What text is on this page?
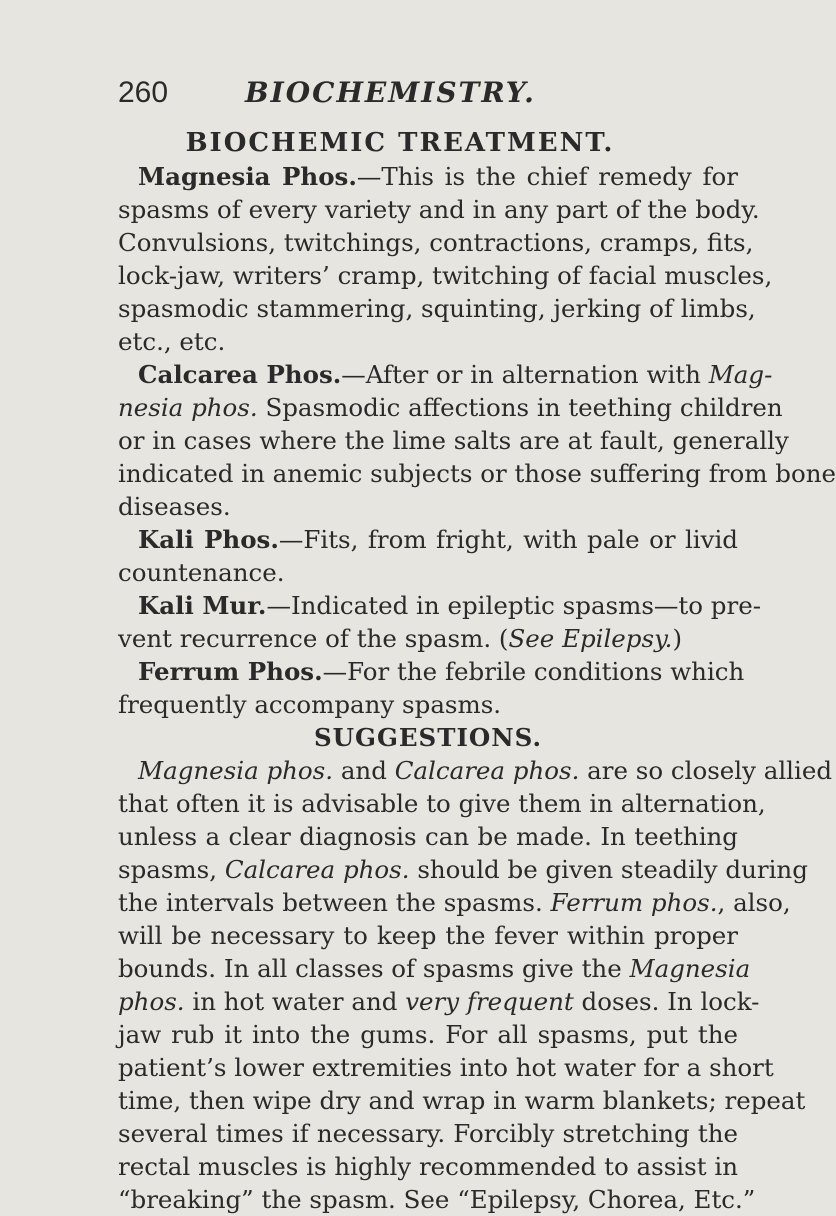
260	BIOCHEMISTRY.
BIOCHEMIC TREATMENT.
Magnesia Phos.—This is the chief remedy for
spasms of every variety and in any part of the body.
Convulsions, twitchings, contractions, cramps, fits,
lock-jaw, writers’ cramp, twitching of facial muscles,
spasmodic stammering, squinting, jerking of limbs,
etc., etc.
Calcarea Phos.—After or in alternation with Mag-
nesia phos. Spasmodic affections in teething children
or in cases where the lime salts are at fault, generally
indicated in anemic subjects or those suffering from bone
diseases.
Kali Phos.—Fits, from fright, with pale or livid
countenance.
Kali Mur.—Indicated in epileptic spasms—to pre-
vent recurrence of the spasm. (See Epilepsy.)
Ferrum Phos.—For the febrile conditions which
frequently accompany spasms.
SUGGESTIONS.
Magnesia phos. and Calcarea phos. are so closely allied
that often it is advisable to give them in alternation,
unless a clear diagnosis can be made. In teething
spasms, Calcarea phos. should be given steadily during
the intervals between the spasms. Ferrum phos., also,
will be necessary to keep the fever within proper
bounds. In all classes of spasms give the Magnesia
phos. in hot water and very frequent doses. In lock-
jaw rub it into the gums. For all spasms, put the
patient’s lower extremities into hot water for a short
time, then wipe dry and wrap in warm blankets; repeat
several times if necessary. Forcibly stretching the
rectal muscles is highly recommended to assist in
“breaking” the spasm. See “Epilepsy, Chorea, Etc.”
